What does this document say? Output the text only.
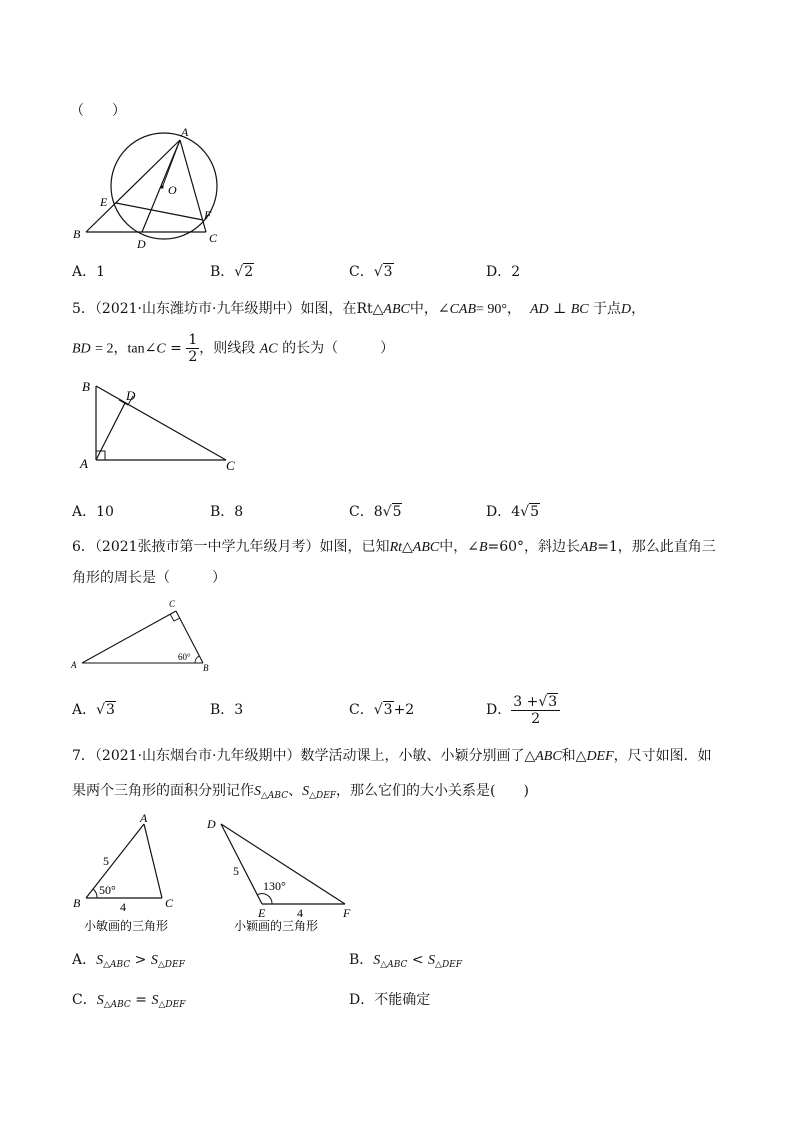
（　　）
A
O
E
F
B
D	C
A．1	B．√2	C．√3	D．2
5．（2021·山东潍坊市·九年级期中）如图，在Rt△ABC中，∠CAB= 90°， AD ⊥ BC 于点D，
BD = 2，tan∠C = $\frac{1}{2}$ ，则线段 AC 的长为（　　　）
B
D
A	C
A．10	B．8	C．8√5	D．4√5
6．（2021张掖市第一中学九年级月考）如图，已知Rt△ABC中，∠B=60°，斜边长AB=1，那么此直角三
角形的周长是（　　　）
C
A	B
60°
A．√3	B．3	C．√3+2	D． $\frac{3 +√3}{2}$
7．（2021·山东烟台市·九年级期中）数学活动课上，小敏、小颖分别画了△ABC和△DEF，尺寸如图．如
果两个三角形的面积分别记作$S_{\triangle ABC}$、$S_{\triangle DEF}$，那么它们的大小关系是(　　)
A
B	C
5
4
50°
小敏画的三角形
D
E	F
5
4
130°
小颖画的三角形
A．$S_{\triangle ABC} > S_{\triangle DEF}$	B．$S_{\triangle ABC} < S_{\triangle DEF}$
C．$S_{\triangle ABC} = S_{\triangle DEF}$	D．不能确定
